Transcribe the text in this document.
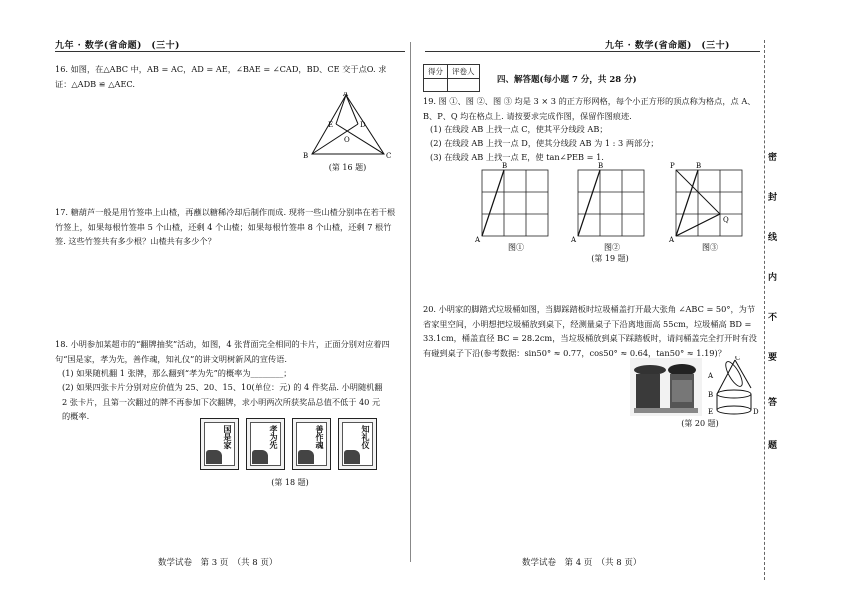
九年 · 数学(省命题)　(三十)
16. 如图，在△ABC 中，AB = AC，AD = AE，∠BAE = ∠CAD，BD、CE 交于点O. 求证：△ADB ≌ △AEC.
A
B	C
E	D
O
(第 16 题)
17. 糖葫芦一般是用竹签串上山楂，再蘸以糖稀冷却后制作而成. 现将一些山楂分别串在若干根竹签上，如果每根竹签串 5 个山楂，还剩 4 个山楂；如果每根竹签串 8 个山楂，还剩 7 根竹签. 这些竹签共有多少根？山楂共有多少个？
18. 小明参加某超市的“翻牌抽奖”活动，如图，4 张背面完全相同的卡片，正面分别对应着四句“国是家，孝为先，善作魂，知礼仪”的讲文明树新风的宣传语.
(1) 如果随机翻 1 张牌，那么翻到“孝为先”的概率为________；
(2) 如果四张卡片分别对应价值为 25、20、15、10(单位：元) 的 4 件奖品. 小明随机翻 2 张卡片，且第一次翻过的牌不再参加下次翻牌，求小明两次所获奖品总值不低于 40 元的概率.
国是家	孝为先	善作魂	知礼仪
(第 18 题)
数学试卷　第 3 页　（共 8 页）
九年 · 数学(省命题)　(三十)
得分	评卷人

四、解答题(每小题 7 分，共 28 分)
19. 图 ①、图 ②、图 ③ 均是 3 × 3 的正方形网格，每个小正方形的顶点称为格点，点 A、B、P、Q 均在格点上. 请按要求完成作图，保留作图痕迹.
(1) 在线段 AB 上找一点 C，使其平分线段 AB；
(2) 在线段 AB 上找一点 D，使其分线段 AB 为 1 : 3 两部分；
(3) 在线段 AB 上找一点 E，使 tan∠PEB = 1.
A
B
图①
A
B
图②
A
B
P
Q
图③
(第 19 题)
20. 小明家的脚踏式垃圾桶如图，当脚踩踏板时垃圾桶盖打开最大张角 ∠ABC = 50°，为节省家里空间，小明想把垃圾桶放到桌下，经测量桌子下沿离地面高 55cm，垃圾桶高 BD = 33.1cm，桶盖直径 BC = 28.2cm，当垃圾桶放到桌下踩踏板时，请问桶盖完全打开时有没有碰到桌子下沿(参考数据：sin50° ≈ 0.77，cos50° ≈ 0.64，tan50° ≈ 1.19)？
A
B
C
D
E
(第 20 题)
数学试卷　第 4 页　（共 8 页）
密
封
线
内
不
要
答
题
